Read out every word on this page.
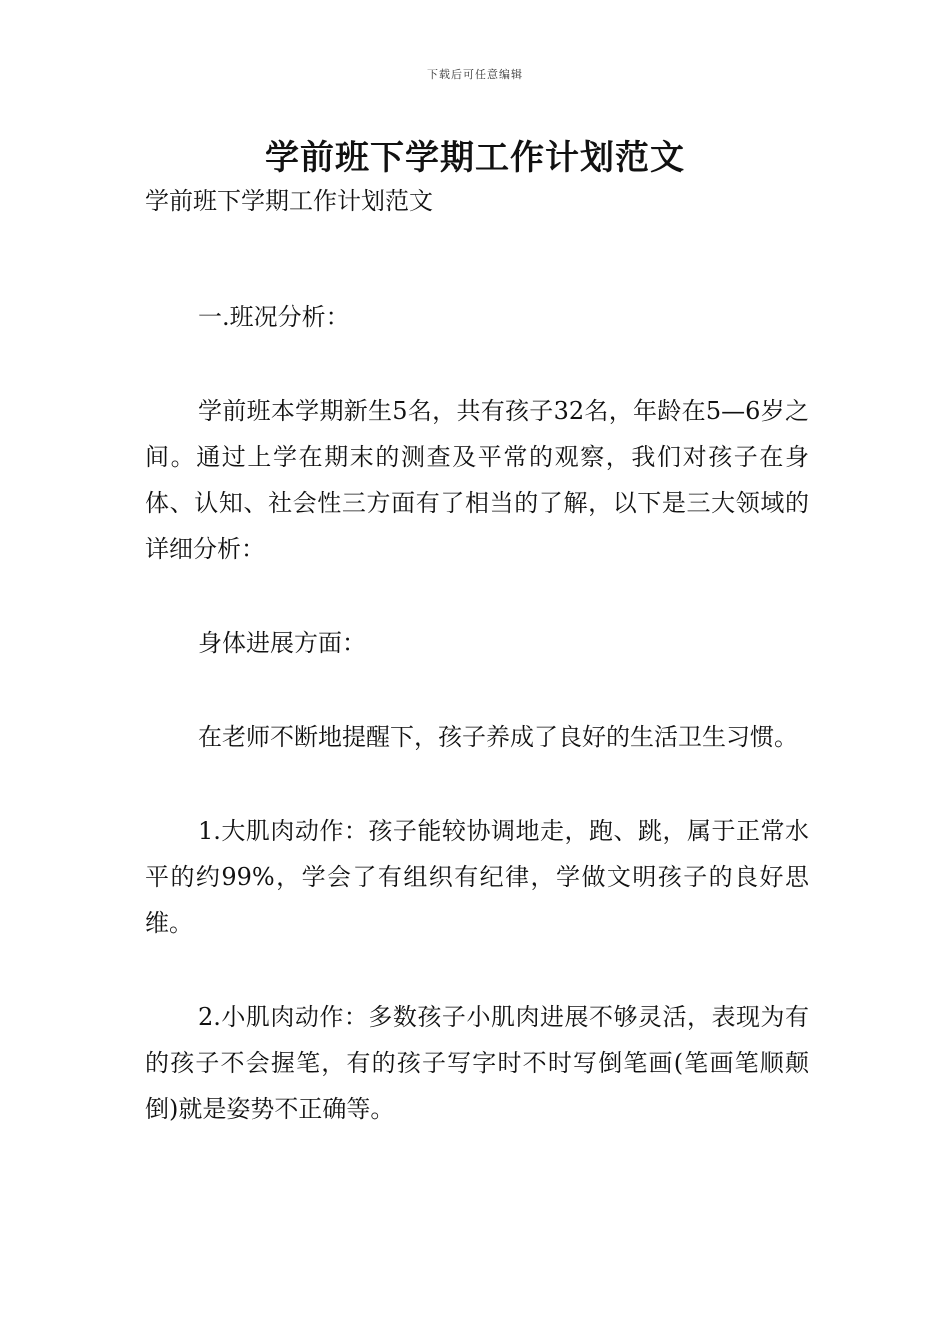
下载后可任意编辑
学前班下学期工作计划范文

学前班下学期工作计划范文

一.班况分析：

学前班本学期新生5名，共有孩子32名，年龄在5—6岁之间。通过上学在期末的测查及平常的观察，我们对孩子在身体、认知、社会性三方面有了相当的了解，以下是三大领域的详细分析：

身体进展方面：

在老师不断地提醒下，孩子养成了良好的生活卫生习惯。

1.大肌肉动作：孩子能较协调地走，跑、跳，属于正常水平的约99%，学会了有组织有纪律，学做文明孩子的良好思维。

2.小肌肉动作：多数孩子小肌肉进展不够灵活，表现为有的孩子不会握笔，有的孩子写字时不时写倒笔画(笔画笔顺颠倒)就是姿势不正确等。
